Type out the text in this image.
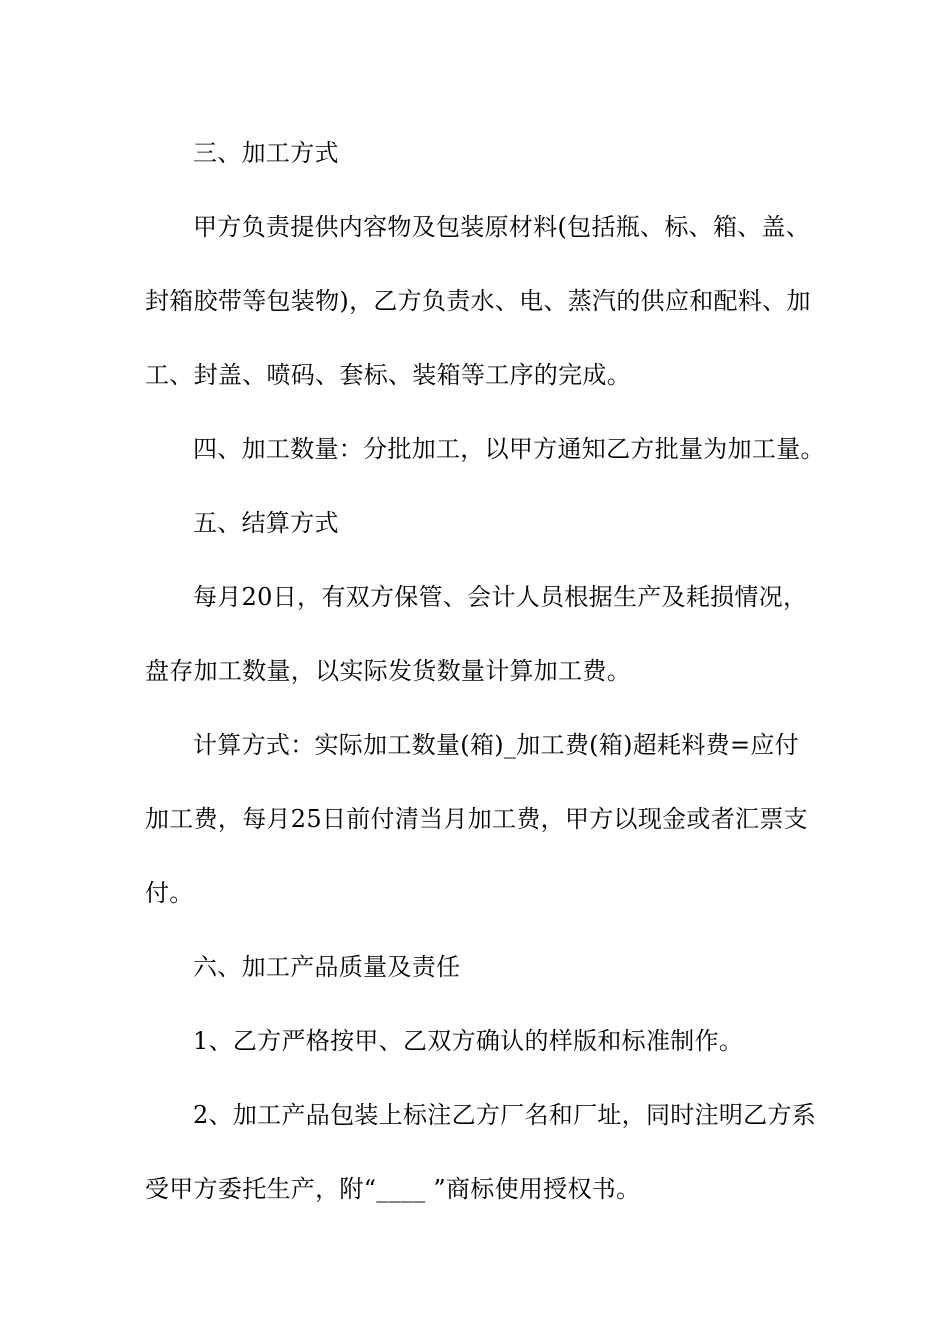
三、加工方式

甲方负责提供内容物及包装原材料(包括瓶、标、箱、盖、

封箱胶带等包装物)，乙方负责水、电、蒸汽的供应和配料、加

工、封盖、喷码、套标、装箱等工序的完成。

四、加工数量：分批加工，以甲方通知乙方批量为加工量。

五、结算方式

每月20日，有双方保管、会计人员根据生产及耗损情况，

盘存加工数量，以实际发货数量计算加工费。

计算方式：实际加工数量(箱)_加工费(箱)超耗料费=应付

加工费，每月25日前付清当月加工费，甲方以现金或者汇票支

付。

六、加工产品质量及责任

1、乙方严格按甲、乙双方确认的样版和标准制作。

2、加工产品包装上标注乙方厂名和厂址，同时注明乙方系

受甲方委托生产，附“____ ”商标使用授权书。
